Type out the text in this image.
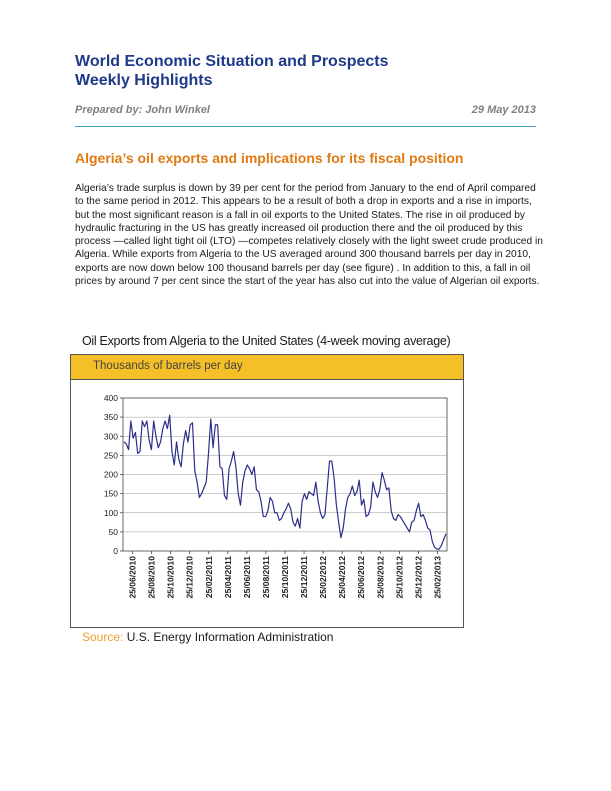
World Economic Situation and Prospects
Weekly Highlights
Prepared by: John Winkel	29 May 2013
Algeria’s oil exports and implications for its fiscal position
Algeria’s trade surplus is down by 39 per cent for the period from January to the end of April compared to the same period in 2012. This appears to be a result of both a drop in exports and a rise in imports, but the most significant reason is a fall in oil exports to the United States. The rise in oil produced by hydraulic fracturing in the US has greatly increased oil production there and the oil produced by this process —called light tight oil (LTO) —competes relatively closely with the light sweet crude produced in Algeria. While exports from Algeria to the US averaged around 300 thousand barrels per day in 2010, exports are now down below 100 thousand barrels per day (see figure) . In addition to this, a fall in oil prices by around 7 per cent since the start of the year has also cut into the value of Algerian oil exports.
Oil Exports from Algeria to the United States (4-week moving average)
Thousands of barrels per day
0
50
100
150
200
250
300
350
400
25/06/2010 25/08/2010 25/10/2010 25/12/2010 25/02/2011 25/04/2011 25/06/2011 25/08/2011 25/10/2011 25/12/2011 25/02/2012 25/04/2012 25/06/2012 25/08/2012 25/10/2012 25/12/2012 25/02/2013
Source: U.S. Energy Information Administration
